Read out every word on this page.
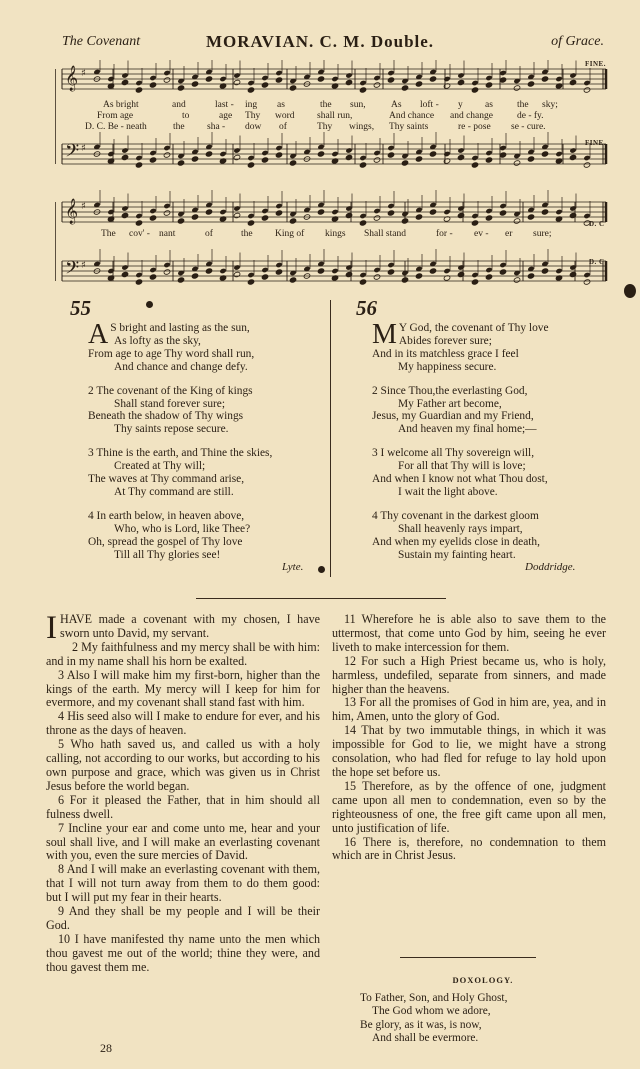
The Covenant	MORAVIAN. C. M. Double.	of Grace.
𝄞 ♯
𝄢 ♯
𝄞 ♯
𝄢 ♯
FINE.
FINE.
D. C
D. C
As bright	and	last - ing as	the sun,	As loft - y as	the sky;
From age	to	age Thy word shall run,	And chance and change	de - fy.
D. C. Be - neath	the sha - dow of	Thy wings, Thy saints	re - pose se - cure.
The cov' - nant	of	the King of kings Shall stand	for - ev - er sure;
55
A S bright and lasting as the sun,
As lofty as the sky,
From age to age Thy word shall run,
And chance and change defy.
2 The covenant of the King of kings
Shall stand forever sure;
Beneath the shadow of Thy wings
Thy saints repose secure.
3 Thine is the earth, and Thine the skies,
Created at Thy will;
The waves at Thy command arise,
At Thy command are still.
4 In earth below, in heaven above,
Who, who is Lord, like Thee?
Oh, spread the gospel of Thy love
Till all Thy glories see!
Lyte.
56
M Y God, the covenant of Thy love
Abides forever sure;
And in its matchless grace I feel
My happiness secure.
2 Since Thou,the everlasting God,
My Father art become,
Jesus, my Guardian and my Friend,
And heaven my final home;—
3 I welcome all Thy sovereign will,
For all that Thy will is love;
And when I know not what Thou dost,
I wait the light above.
4 Thy covenant in the darkest gloom
Shall heavenly rays impart,
And when my eyelids close in death,
Sustain my fainting heart.
Doddridge.

IHAVE made a covenant with my chosen, I have sworn unto David, my servant.

2 My faithfulness and my mercy shall be with him: and in my name shall his horn be exalted.

3 Also I will make him my first-born, higher than the kings of the earth. My mercy will I keep for him for evermore, and my covenant shall stand fast with him.

4 His seed also will I make to endure for ever, and his throne as the days of heaven.

5 Who hath saved us, and called us with a holy calling, not according to our works, but according to his own purpose and grace, which was given us in Christ Jesus before the world began.

6 For it pleased the Father, that in him should all fulness dwell.

7 Incline your ear and come unto me, hear and your soul shall live, and I will make an everlasting covenant with you, even the sure mercies of David.

8 And I will make an everlasting covenant with them, that I will not turn away from them to do them good: but I will put my fear in their hearts.

9 And they shall be my people and I will be their God.

10 I have manifested thy name unto the men which thou gavest me out of the world; thine they were, and thou gavest them me.

11 Wherefore he is able also to save them to the uttermost, that come unto God by him, seeing he ever liveth to make intercession for them.

12 For such a High Priest became us, who is holy, harmless, undefiled, separate from sinners, and made higher than the heavens.

13 For all the promises of God in him are, yea, and in him, Amen, unto the glory of God.

14 That by two immutable things, in which it was impossible for God to lie, we might have a strong consolation, who had fled for refuge to lay hold upon the hope set before us.

15 Therefore, as by the offence of one, judgment came upon all men to condemnation, even so by the righteousness of one, the free gift came upon all men, unto justification of life.

16 There is, therefore, no condemnation to them which are in Christ Jesus.

DOXOLOGY.
To Father, Son, and Holy Ghost,
The God whom we adore,
Be glory, as it was, is now,
And shall be evermore.
28
